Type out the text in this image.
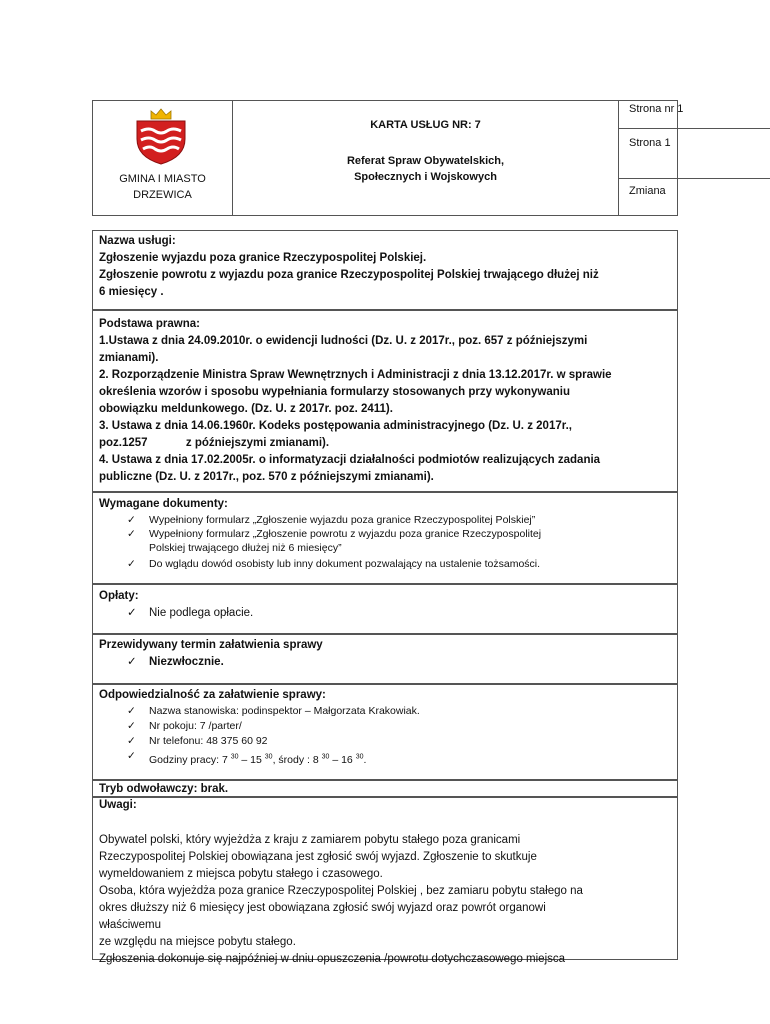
GMINA I MIASTO
DRZEWICA
KARTA USŁUG NR: 7
Referat Spraw Obywatelskich,
Społecznych i Wojskowych
Strona nr 1
Strona 1
Zmiana
Nazwa usługi:
Zgłoszenie wyjazdu poza granice Rzeczypospolitej Polskiej.
Zgłoszenie powrotu z wyjazdu poza granice Rzeczypospolitej Polskiej trwającego dłużej niż
6 miesięcy .
Podstawa prawna:
1.Ustawa z dnia 24.09.2010r. o ewidencji ludności (Dz. U. z 2017r., poz. 657 z późniejszymi
zmianami).
2. Rozporządzenie Ministra Spraw Wewnętrznych i Administracji z dnia 13.12.2017r. w sprawie
określenia wzorów i sposobu wypełniania formularzy stosowanych przy wykonywaniu
obowiązku meldunkowego. (Dz. U. z 2017r. poz. 2411).
3. Ustawa z dnia 14.06.1960r. Kodeks postępowania administracyjnego (Dz. U. z 2017r.,
poz.1257            z późniejszymi zmianami).
4. Ustawa z dnia 17.02.2005r. o informatyzacji działalności podmiotów realizujących zadania
publiczne (Dz. U. z 2017r., poz. 570 z późniejszymi zmianami).
Wymagane dokumenty:
✓ Wypełniony formularz „Zgłoszenie wyjazdu poza granice Rzeczypospolitej Polskiej”
✓ Wypełniony formularz „Zgłoszenie powrotu z wyjazdu poza granice Rzeczypospolitej Polskiej trwającego dłużej niż 6 miesięcy”
✓ Do wglądu dowód osobisty lub inny dokument pozwalający na ustalenie tożsamości.
Opłaty:
✓ Nie podlega opłacie.
Przewidywany termin załatwienia sprawy
✓ Niezwłocznie.
Odpowiedzialność za załatwienie sprawy:
✓ Nazwa stanowiska: podinspektor – Małgorzata Krakowiak.
✓ Nr pokoju: 7 /parter/
✓ Nr telefonu: 48 375 60 92
✓ Godziny pracy: 7 $^{30}$ – 15 $^{30}$, środy : 8 $^{30}$ – 16 $^{30}$.
Tryb odwoławczy: brak.
Uwagi:
Obywatel polski, który wyjeżdża z kraju z zamiarem pobytu stałego poza granicami
Rzeczypospolitej Polskiej obowiązana jest zgłosić swój wyjazd. Zgłoszenie to skutkuje
wymeldowaniem z miejsca pobytu stałego i czasowego.
Osoba, która wyjeżdża poza granice Rzeczypospolitej Polskiej , bez zamiaru pobytu stałego na
okres dłuższy niż 6 miesięcy jest obowiązana zgłosić swój wyjazd oraz powrót organowi
właściwemu
ze względu na miejsce pobytu stałego.
Zgłoszenia dokonuje się najpóźniej w dniu opuszczenia /powrotu dotychczasowego miejsca
